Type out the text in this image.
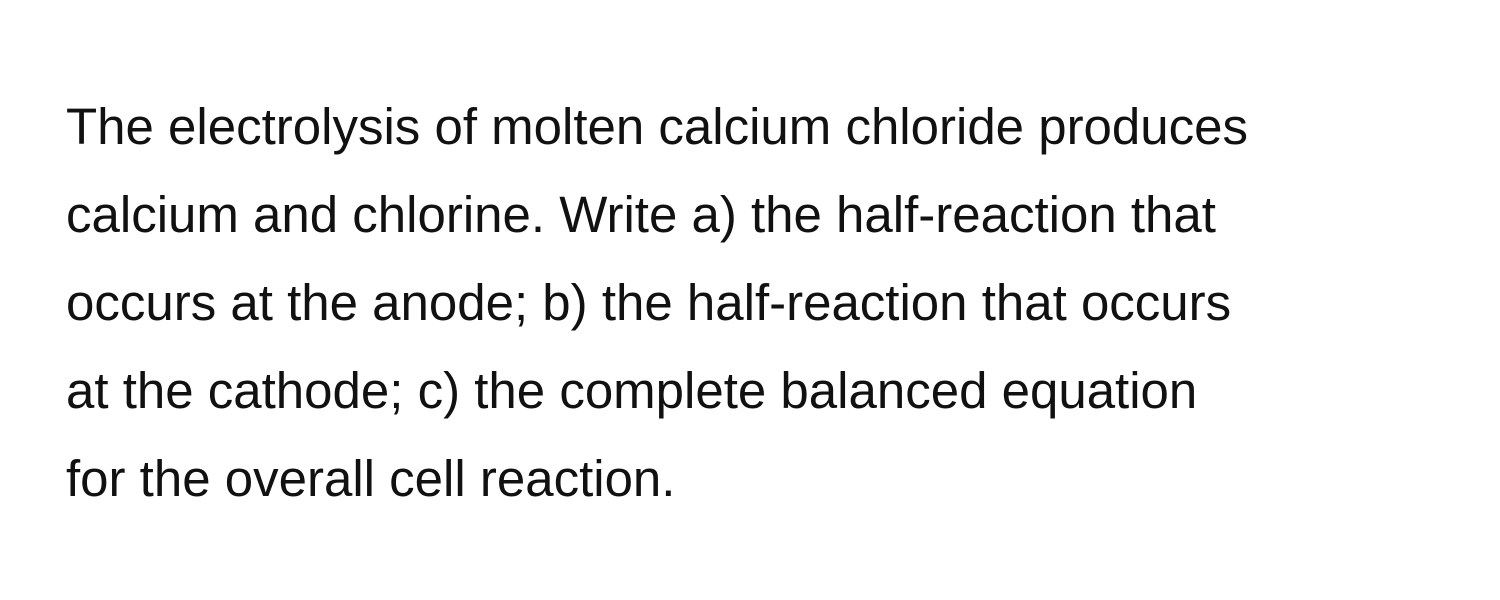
The electrolysis of molten calcium chloride produces
calcium and chlorine. Write a) the half-reaction that
occurs at the anode; b) the half-reaction that occurs
at the cathode; c) the complete balanced equation
for the overall cell reaction.
